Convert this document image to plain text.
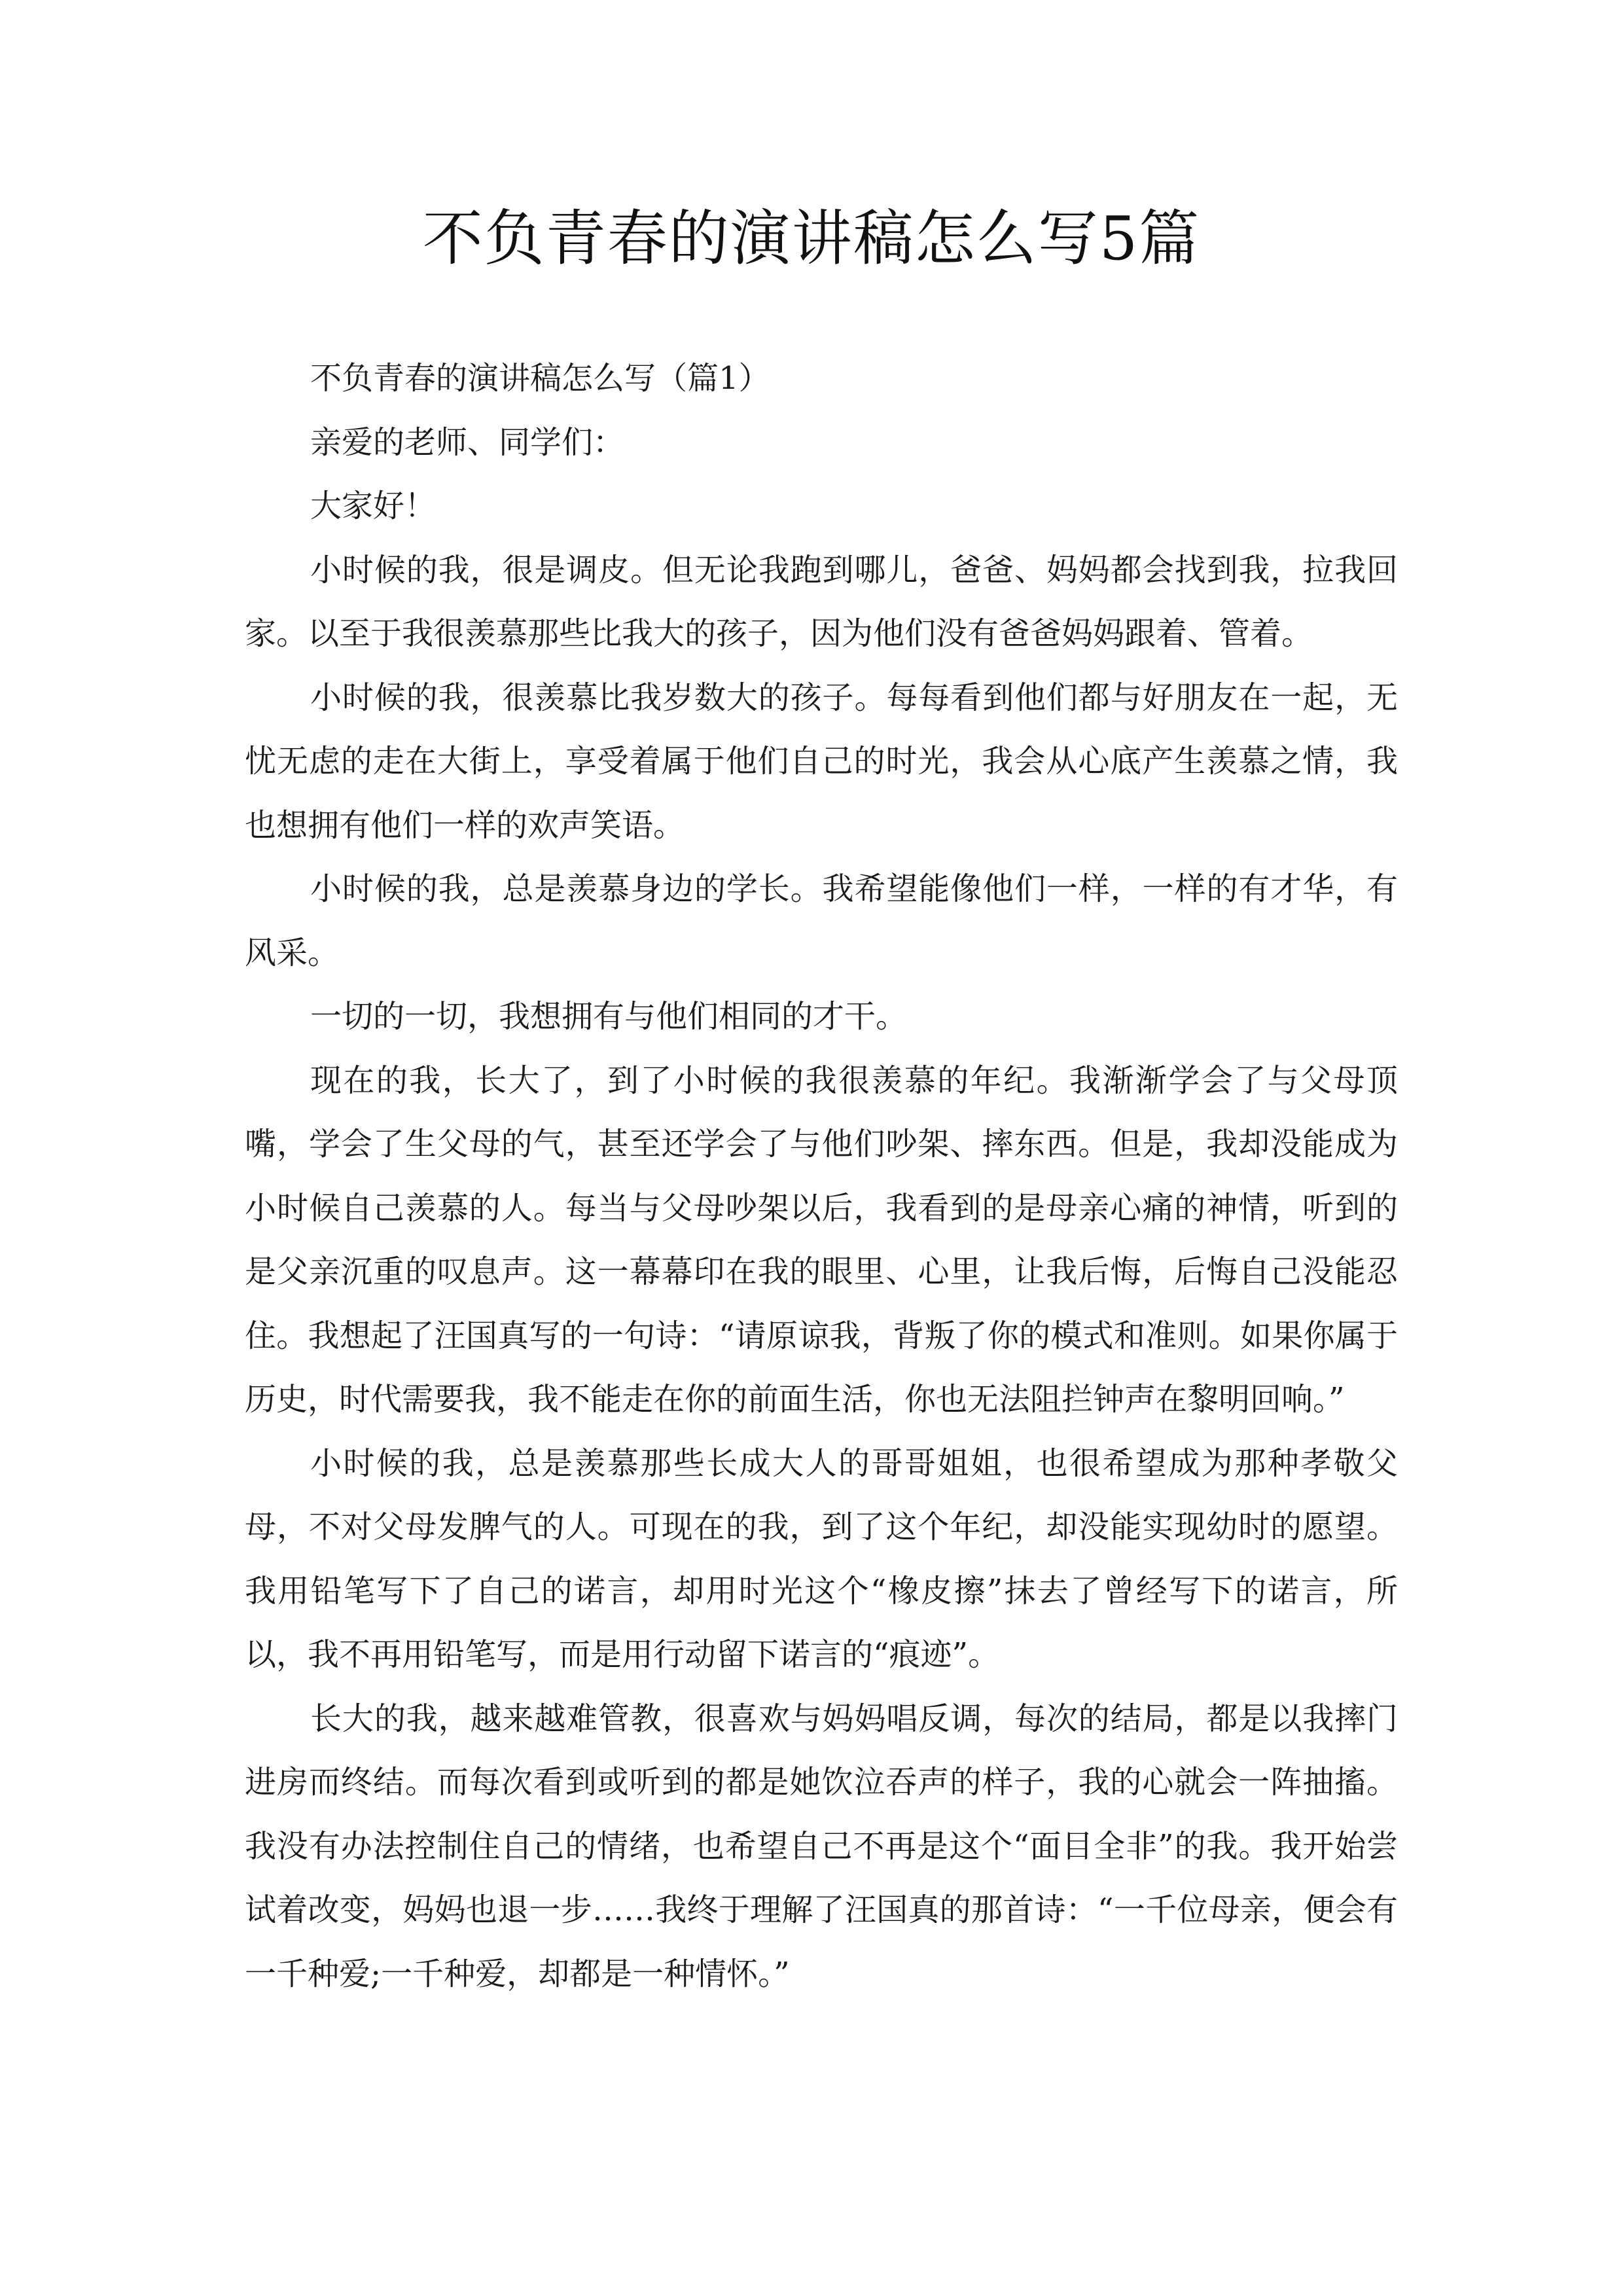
不负青春的演讲稿怎么写5篇

不负青春的演讲稿怎么写（篇1）

亲爱的老师、同学们：

大家好！

小时候的我，很是调皮。但无论我跑到哪儿，爸爸、妈妈都会找到我，拉我回家。以至于我很羡慕那些比我大的孩子，因为他们没有爸爸妈妈跟着、管着。

小时候的我，很羡慕比我岁数大的孩子。每每看到他们都与好朋友在一起，无忧无虑的走在大街上，享受着属于他们自己的时光，我会从心底产生羡慕之情，我也想拥有他们一样的欢声笑语。

小时候的我，总是羡慕身边的学长。我希望能像他们一样，一样的有才华，有风采。

一切的一切，我想拥有与他们相同的才干。

现在的我，长大了，到了小时候的我很羡慕的年纪。我渐渐学会了与父母顶嘴，学会了生父母的气，甚至还学会了与他们吵架、摔东西。但是，我却没能成为小时候自己羡慕的人。每当与父母吵架以后，我看到的是母亲心痛的神情，听到的是父亲沉重的叹息声。这一幕幕印在我的眼里、心里，让我后悔，后悔自己没能忍住。我想起了汪国真写的一句诗：“请原谅我，背叛了你的模式和准则。如果你属于历史，时代需要我，我不能走在你的前面生活，你也无法阻拦钟声在黎明回响。”

小时候的我，总是羡慕那些长成大人的哥哥姐姐，也很希望成为那种孝敬父母，不对父母发脾气的人。可现在的我，到了这个年纪，却没能实现幼时的愿望。我用铅笔写下了自己的诺言，却用时光这个“橡皮擦”抹去了曾经写下的诺言，所以，我不再用铅笔写，而是用行动留下诺言的“痕迹”。

长大的我，越来越难管教，很喜欢与妈妈唱反调，每次的结局，都是以我摔门进房而终结。而每次看到或听到的都是她饮泣吞声的样子，我的心就会一阵抽搐。我没有办法控制住自己的情绪，也希望自己不再是这个“面目全非”的我。我开始尝试着改变，妈妈也退一步……我终于理解了汪国真的那首诗：“一千位母亲，便会有一千种爱;一千种爱，却都是一种情怀。”
